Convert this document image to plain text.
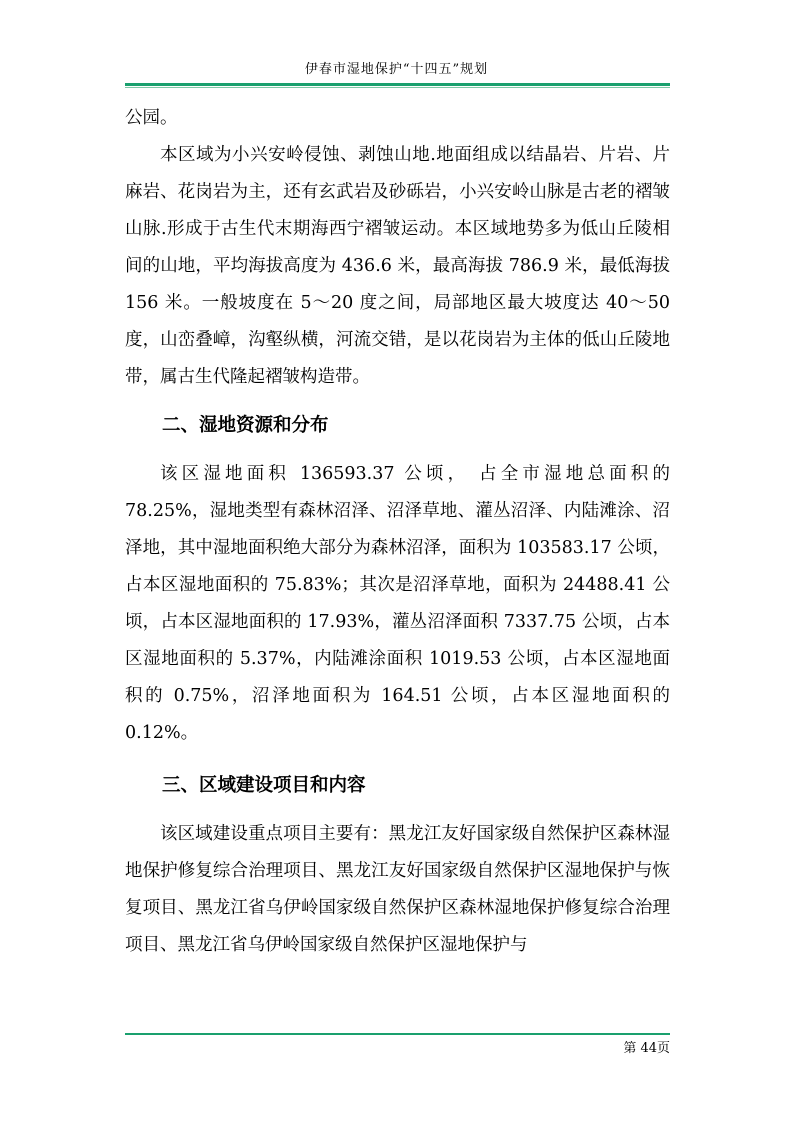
伊春市湿地保护“十四五”规划

公园。

本区域为小兴安岭侵蚀、剥蚀山地.地面组成以结晶岩、片岩、片麻岩、花岗岩为主，还有玄武岩及砂砾岩，小兴安岭山脉是古老的褶皱山脉.形成于古生代末期海西宁褶皱运动。本区域地势多为低山丘陵相间的山地，平均海拔高度为 436.6 米，最高海拔 786.9 米，最低海拔 156 米。一般坡度在 5～20 度之间，局部地区最大坡度达 40～50 度，山峦叠嶂，沟壑纵横，河流交错，是以花岗岩为主体的低山丘陵地带，属古生代隆起褶皱构造带。

二、湿地资源和分布

该区湿地面积 136593.37 公顷， 占全市湿地总面积的 78.25%，湿地类型有森林沼泽、沼泽草地、灌丛沼泽、内陆滩涂、沼泽地，其中湿地面积绝大部分为森林沼泽，面积为 103583.17 公顷，占本区湿地面积的 75.83%；其次是沼泽草地，面积为 24488.41 公顷，占本区湿地面积的 17.93%，灌丛沼泽面积 7337.75 公顷，占本区湿地面积的 5.37%，内陆滩涂面积 1019.53 公顷，占本区湿地面积的 0.75%，沼泽地面积为 164.51 公顷，占本区湿地面积的 0.12%。

三、区域建设项目和内容

该区域建设重点项目主要有：黑龙江友好国家级自然保护区森林湿地保护修复综合治理项目、黑龙江友好国家级自然保护区湿地保护与恢复项目、黑龙江省乌伊岭国家级自然保护区森林湿地保护修复综合治理项目、黑龙江省乌伊岭国家级自然保护区湿地保护与

第 44页
